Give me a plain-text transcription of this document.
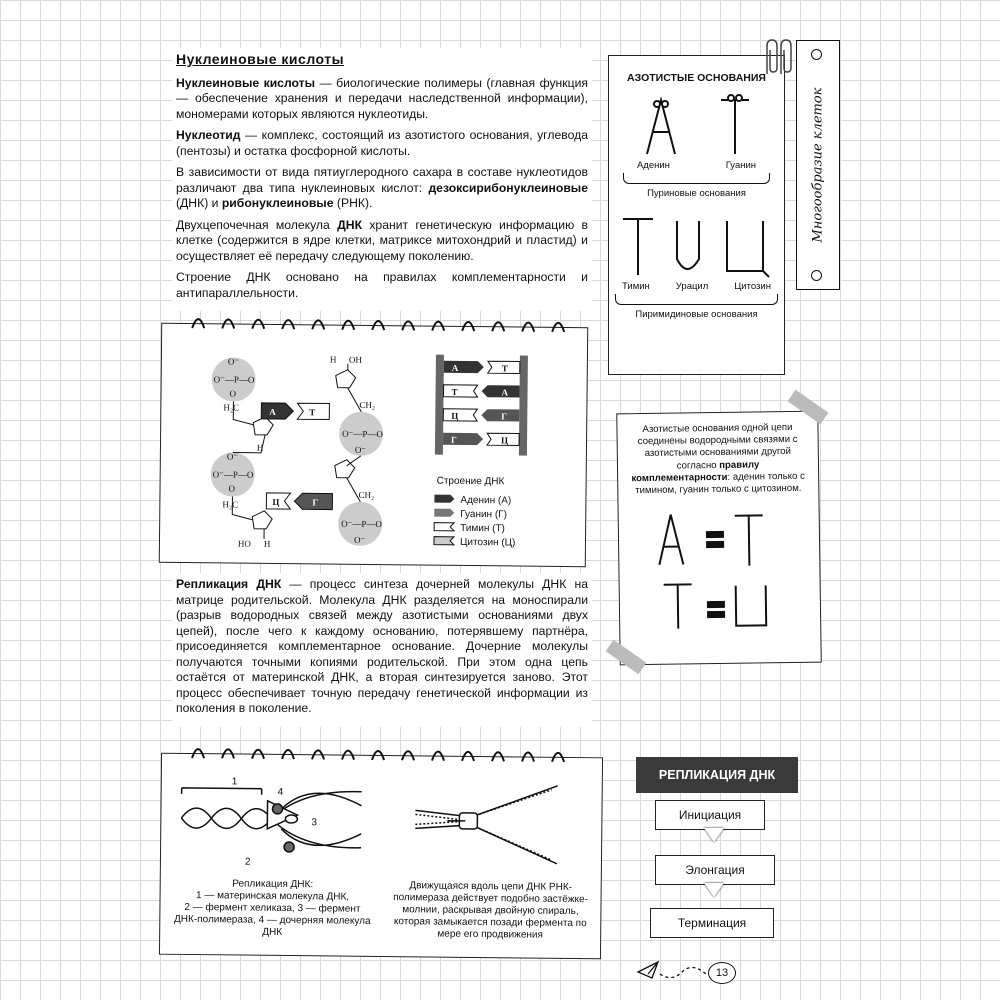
Нуклеиновые кислоты

Нуклеиновые кислоты — биологические полимеры (главная функция — обеспечение хранения и передачи наследственной информации), мономерами которых являются нуклеотиды.

Нуклеотид — комплекс, состоящий из азотистого основания, углевода (пентозы) и остатка фосфорной кислоты.

В зависимости от вида пятиуглеродного сахара в составе нуклеотидов различают два типа нуклеиновых кислот: дезоксирибонуклеиновые (ДНК) и рибонуклеиновые (РНК).

Двухцепочечная молекула ДНК хранит генетическую информацию в клетке (содержится в ядре клетки, матриксе митохондрий и пластид) и осуществляет её передачу следующему поколению.

Строение ДНК основано на правилах комплементарности и антипараллельности.

O⁻—P—O
O⁻—P—O
O⁻—P—O
O⁻—P—O
O⁻
O
H₂C
H
O⁻
O
H₂C
HO H
OH
H
CH₂
O⁻
CH₂
O⁻
А	Т
Ц	Г
А	Т
Т	А
Ц	Г
Г	Ц
Строение ДНК
Аденин (А)
Гуанин (Г)
Тимин (Т)
Цитозин (Ц)
АЗОТИСТЫЕ ОСНОВАНИЯ
Аденин	Гуанин
Пуриновые основания
Тимин	Урацил	Цитозин
Пиримидиновые основания
Многообразие клеток
Азотистые основания одной цепи соединены водородными связями с азотистыми основаниями другой согласно правилу комплементарности: аденин только с тимином, гуанин только с цитозином.

Репликация ДНК — процесс синтеза дочерней молекулы ДНК на матрице родительской. Молекула ДНК разделяется на моноспирали (разрыв водородных связей между азотистыми основаниями двух цепей), после чего к каждому основанию, потерявшему партнёра, присоединяется комплементарное основание. Дочерние молекулы получаются точными копиями родительской. При этом одна цепь остаётся от материнской ДНК, а вторая синтезируется заново. Этот процесс обеспечивает точную передачу генетической информации из поколения в поколение.

1
4
3
2
Репликация ДНК:
1 — материнская молекула ДНК,
2 — фермент хеликаза, 3 — фермент ДНК-полимераза, 4 — дочерняя молекула ДНК
Движущаяся вдоль цепи ДНК РНК-полимераза действует подобно застёжке-молнии, раскрывая двойную спираль, которая замыкается позади фермента по мере его продвижения
РЕПЛИКАЦИЯ ДНК
Инициация
Элонгация
Терминация
13
